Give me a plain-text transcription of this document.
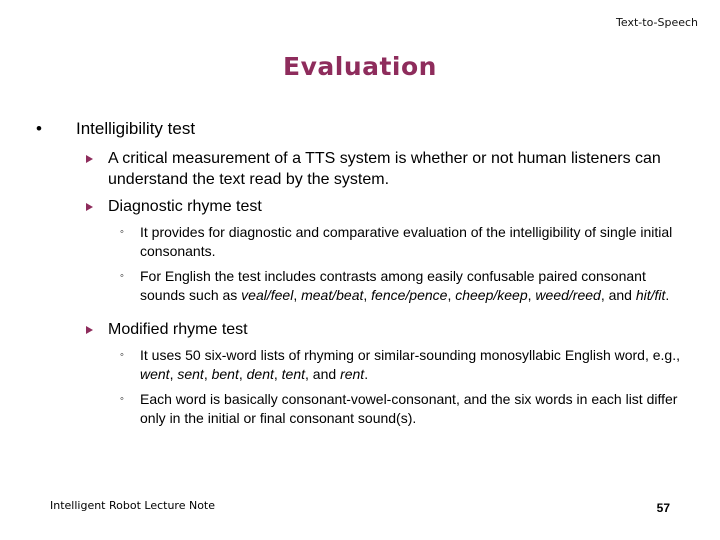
Text-to-Speech
Evaluation
• Intelligibility test
A critical measurement of a TTS system is whether or not human listeners can understand the text read by the system.
Diagnostic rhyme test
◦ It provides for diagnostic and comparative evaluation of the intelligibility of single initial consonants.
◦ For English the test includes contrasts among easily confusable paired consonant sounds such as veal/feel, meat/beat, fence/pence, cheep/keep, weed/reed, and hit/fit.
Modified rhyme test
◦ It uses 50 six-word lists of rhyming or similar-sounding monosyllabic English word, e.g., went, sent, bent, dent, tent, and rent.
◦ Each word is basically consonant-vowel-consonant, and the six words in each list differ only in the initial or final consonant sound(s).
Intelligent Robot Lecture Note	57
